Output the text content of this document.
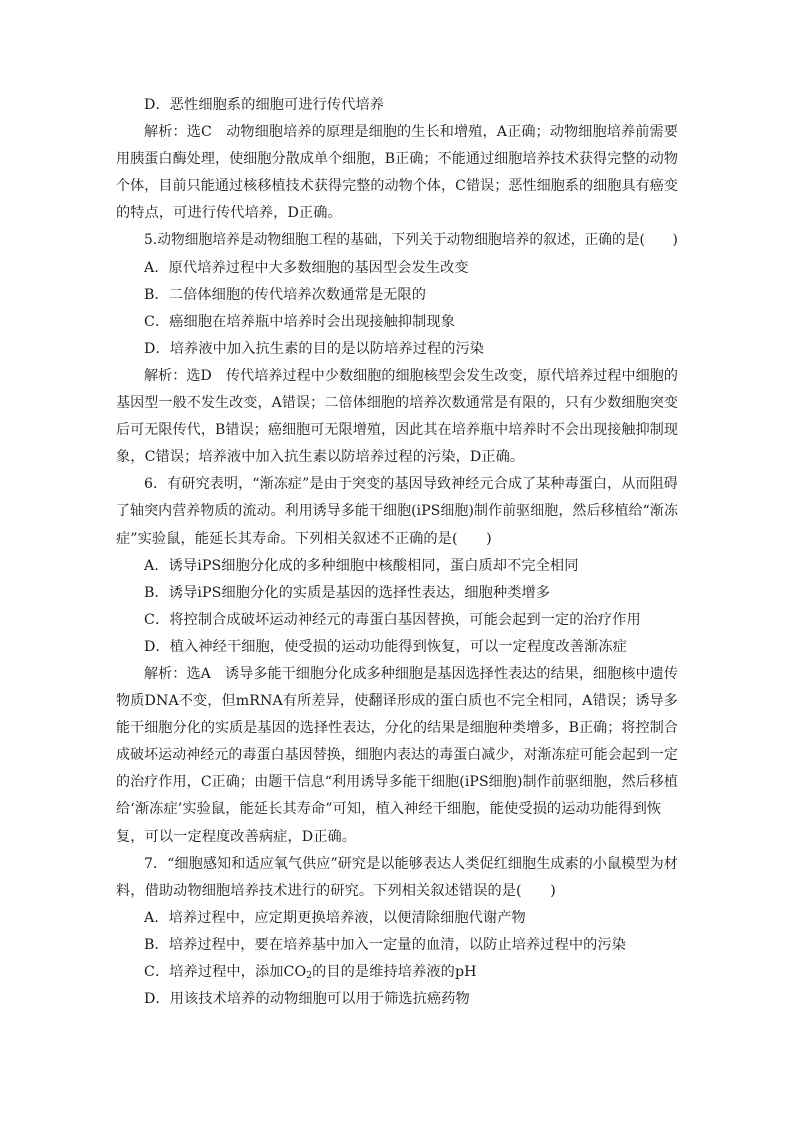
D．恶性细胞系的细胞可进行传代培养
解析：选C　动物细胞培养的原理是细胞的生长和增殖，A正确；动物细胞培养前需要
用胰蛋白酶处理，使细胞分散成单个细胞，B正确；不能通过细胞培养技术获得完整的动物
个体，目前只能通过核移植技术获得完整的动物个体，C错误；恶性细胞系的细胞具有癌变
的特点，可进行传代培养，D正确。
5.动物细胞培养是动物细胞工程的基础，下列关于动物细胞培养的叙述，正确的是(　　)
A．原代培养过程中大多数细胞的基因型会发生改变
B．二倍体细胞的传代培养次数通常是无限的
C．癌细胞在培养瓶中培养时会出现接触抑制现象
D．培养液中加入抗生素的目的是以防培养过程的污染
解析：选D　传代培养过程中少数细胞的细胞核型会发生改变，原代培养过程中细胞的
基因型一般不发生改变，A错误；二倍体细胞的培养次数通常是有限的，只有少数细胞突变
后可无限传代，B错误；癌细胞可无限增殖，因此其在培养瓶中培养时不会出现接触抑制现
象，C错误；培养液中加入抗生素以防培养过程的污染，D正确。
6．有研究表明，“渐冻症”是由于突变的基因导致神经元合成了某种毒蛋白，从而阻碍
了轴突内营养物质的流动。利用诱导多能干细胞(iPS细胞)制作前驱细胞，然后移植给“渐冻
症”实验鼠，能延长其寿命。下列相关叙述不正确的是(　　)
A．诱导iPS细胞分化成的多种细胞中核酸相同，蛋白质却不完全相同
B．诱导iPS细胞分化的实质是基因的选择性表达，细胞种类增多
C．将控制合成破坏运动神经元的毒蛋白基因替换，可能会起到一定的治疗作用
D．植入神经干细胞，使受损的运动功能得到恢复，可以一定程度改善渐冻症
解析：选A　诱导多能干细胞分化成多种细胞是基因选择性表达的结果，细胞核中遗传
物质DNA不变，但mRNA有所差异，使翻译形成的蛋白质也不完全相同，A错误；诱导多
能干细胞分化的实质是基因的选择性表达，分化的结果是细胞种类增多，B正确；将控制合
成破坏运动神经元的毒蛋白基因替换，细胞内表达的毒蛋白减少，对渐冻症可能会起到一定
的治疗作用，C正确；由题干信息“利用诱导多能干细胞(iPS细胞)制作前驱细胞，然后移植
给‘渐冻症’实验鼠，能延长其寿命”可知，植入神经干细胞，能使受损的运动功能得到恢
复，可以一定程度改善病症，D正确。
7．“细胞感知和适应氧气供应”研究是以能够表达人类促红细胞生成素的小鼠模型为材
料，借助动物细胞培养技术进行的研究。下列相关叙述错误的是(　　)
A．培养过程中，应定期更换培养液，以便清除细胞代谢产物
B．培养过程中，要在培养基中加入一定量的血清，以防止培养过程中的污染
C．培养过程中，添加$CO_2$的目的是维持培养液的pH
D．用该技术培养的动物细胞可以用于筛选抗癌药物
